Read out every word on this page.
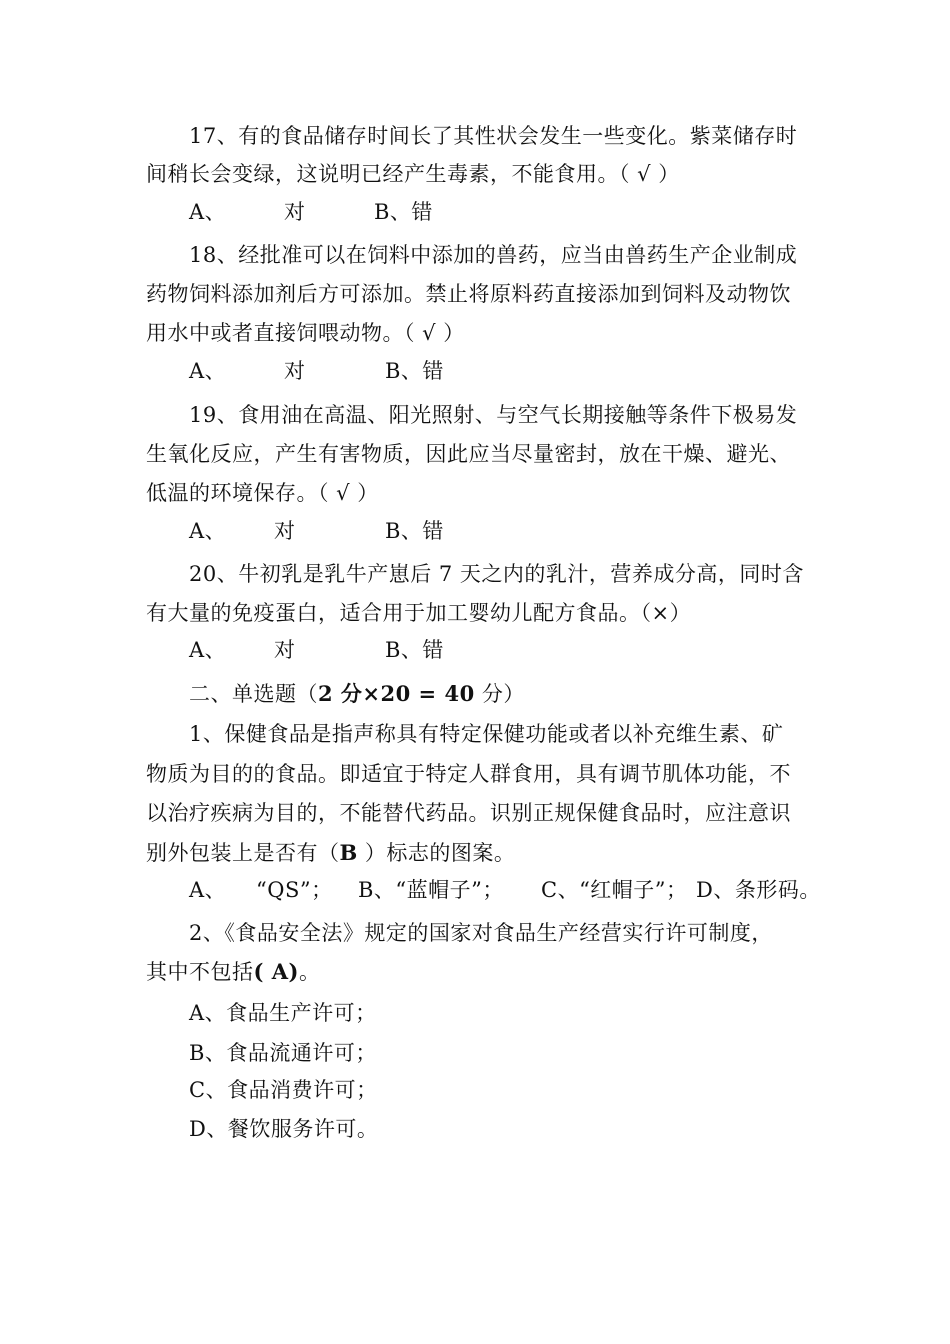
17、有的食品储存时间长了其性状会发生一些变化。紫菜储存时
间稍长会变绿，这说明已经产生毒素，不能食用。（ √ ）
A、	对	B、错
18、经批准可以在饲料中添加的兽药，应当由兽药生产企业制成
药物饲料添加剂后方可添加。禁止将原料药直接添加到饲料及动物饮
用水中或者直接饲喂动物。（ √ ）
A、	对	B、错
19、食用油在高温、阳光照射、与空气长期接触等条件下极易发
生氧化反应，产生有害物质，因此应当尽量密封，放在干燥、避光、
低温的环境保存。（ √ ）
A、 对	B、错
20、牛初乳是乳牛产崽后 7 天之内的乳汁，营养成分高，同时含
有大量的免疫蛋白，适合用于加工婴幼儿配方食品。（×）
A、 对	B、错
二、单选题（2 分×20 = 40 分）
1、保健食品是指声称具有特定保健功能或者以补充维生素、矿
物质为目的的食品。即适宜于特定人群食用，具有调节肌体功能，不
以治疗疾病为目的，不能替代药品。识别正规保健食品时，应注意识
别外包装上是否有（B ）标志的图案。
A、 “QS”； B、“蓝帽子”； C、“红帽子”； D、条形码。
2、《食品安全法》规定的国家对食品生产经营实行许可制度，
其中不包括( A)。
A、食品生产许可；
B、食品流通许可；
C、食品消费许可；
D、餐饮服务许可。
